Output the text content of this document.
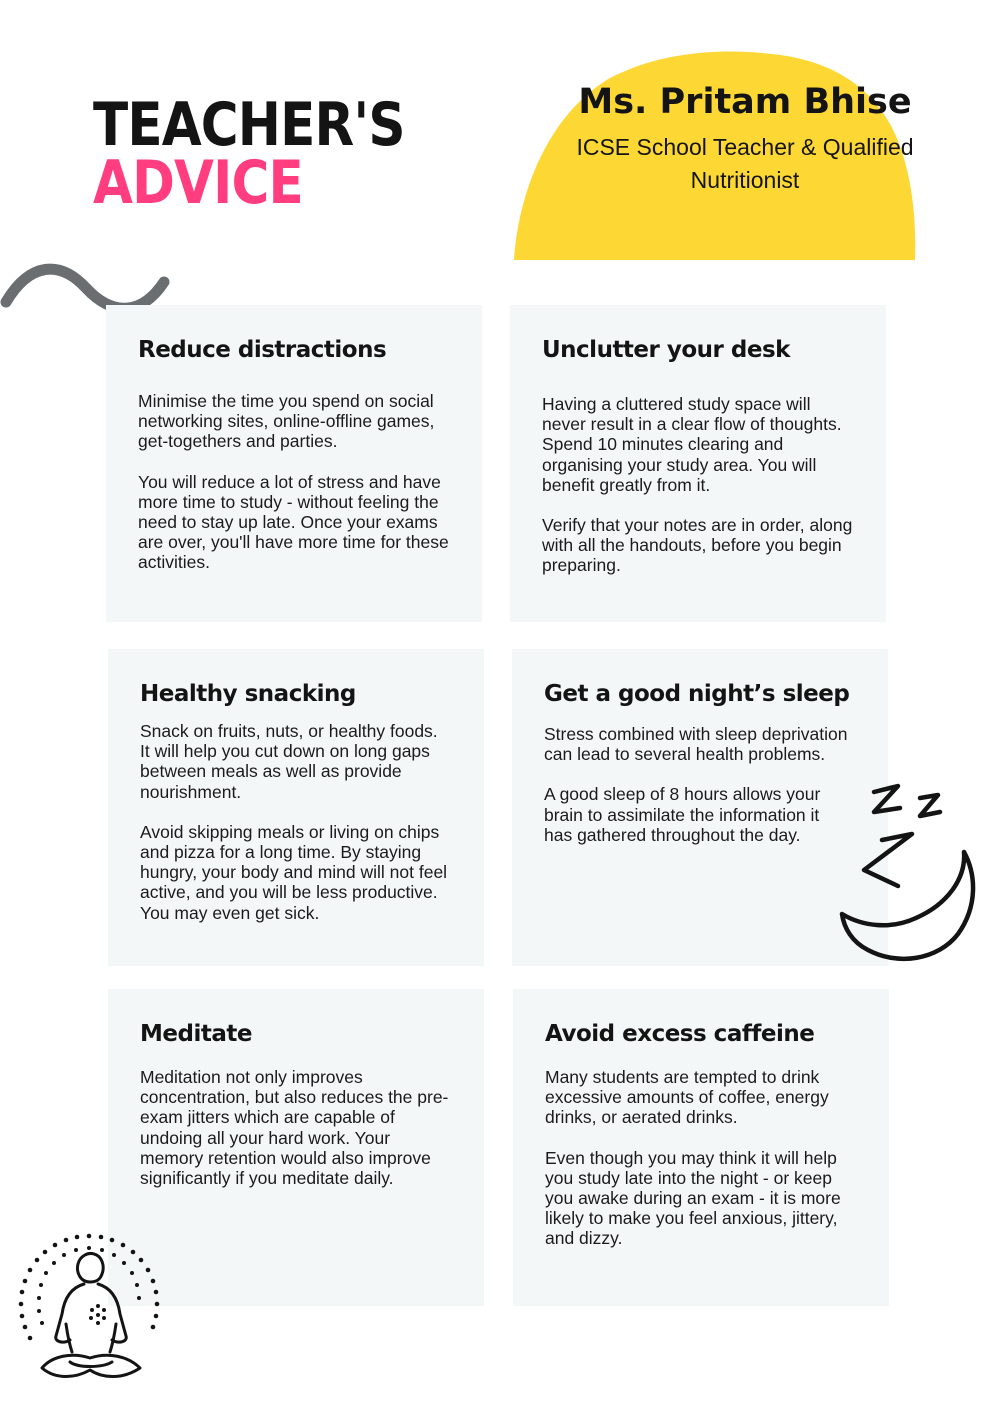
TEACHER'S
ADVICE
Ms. Pritam Bhise
ICSE School Teacher & Qualified Nutritionist
Reduce distractions

Minimise the time you spend on social networking sites, online-offline games, get-togethers and parties.

You will reduce a lot of stress and have more time to study - without feeling the need to stay up late. Once your exams are over, you'll have more time for these activities.

Unclutter your desk

Having a cluttered study space will never result in a clear flow of thoughts. Spend 10 minutes clearing and organising your study area. You will benefit greatly from it.

Verify that your notes are in order, along with all the handouts, before you begin preparing.

Healthy snacking

Snack on fruits, nuts, or healthy foods. It will help you cut down on long gaps between meals as well as provide nourishment.

Avoid skipping meals or living on chips and pizza for a long time. By staying hungry, your body and mind will not feel active, and you will be less productive. You may even get sick.

Get a good night’s sleep

Stress combined with sleep deprivation can lead to several health problems.

A good sleep of 8 hours allows your brain to assimilate the information it has gathered throughout the day.

Meditate

Meditation not only improves concentration, but also reduces the pre-exam jitters which are capable of undoing all your hard work. Your memory retention would also improve significantly if you meditate daily.

Avoid excess caffeine

Many students are tempted to drink excessive amounts of coffee, energy drinks, or aerated drinks.

Even though you may think it will help you study late into the night - or keep you awake during an exam - it is more likely to make you feel anxious, jittery, and dizzy.
